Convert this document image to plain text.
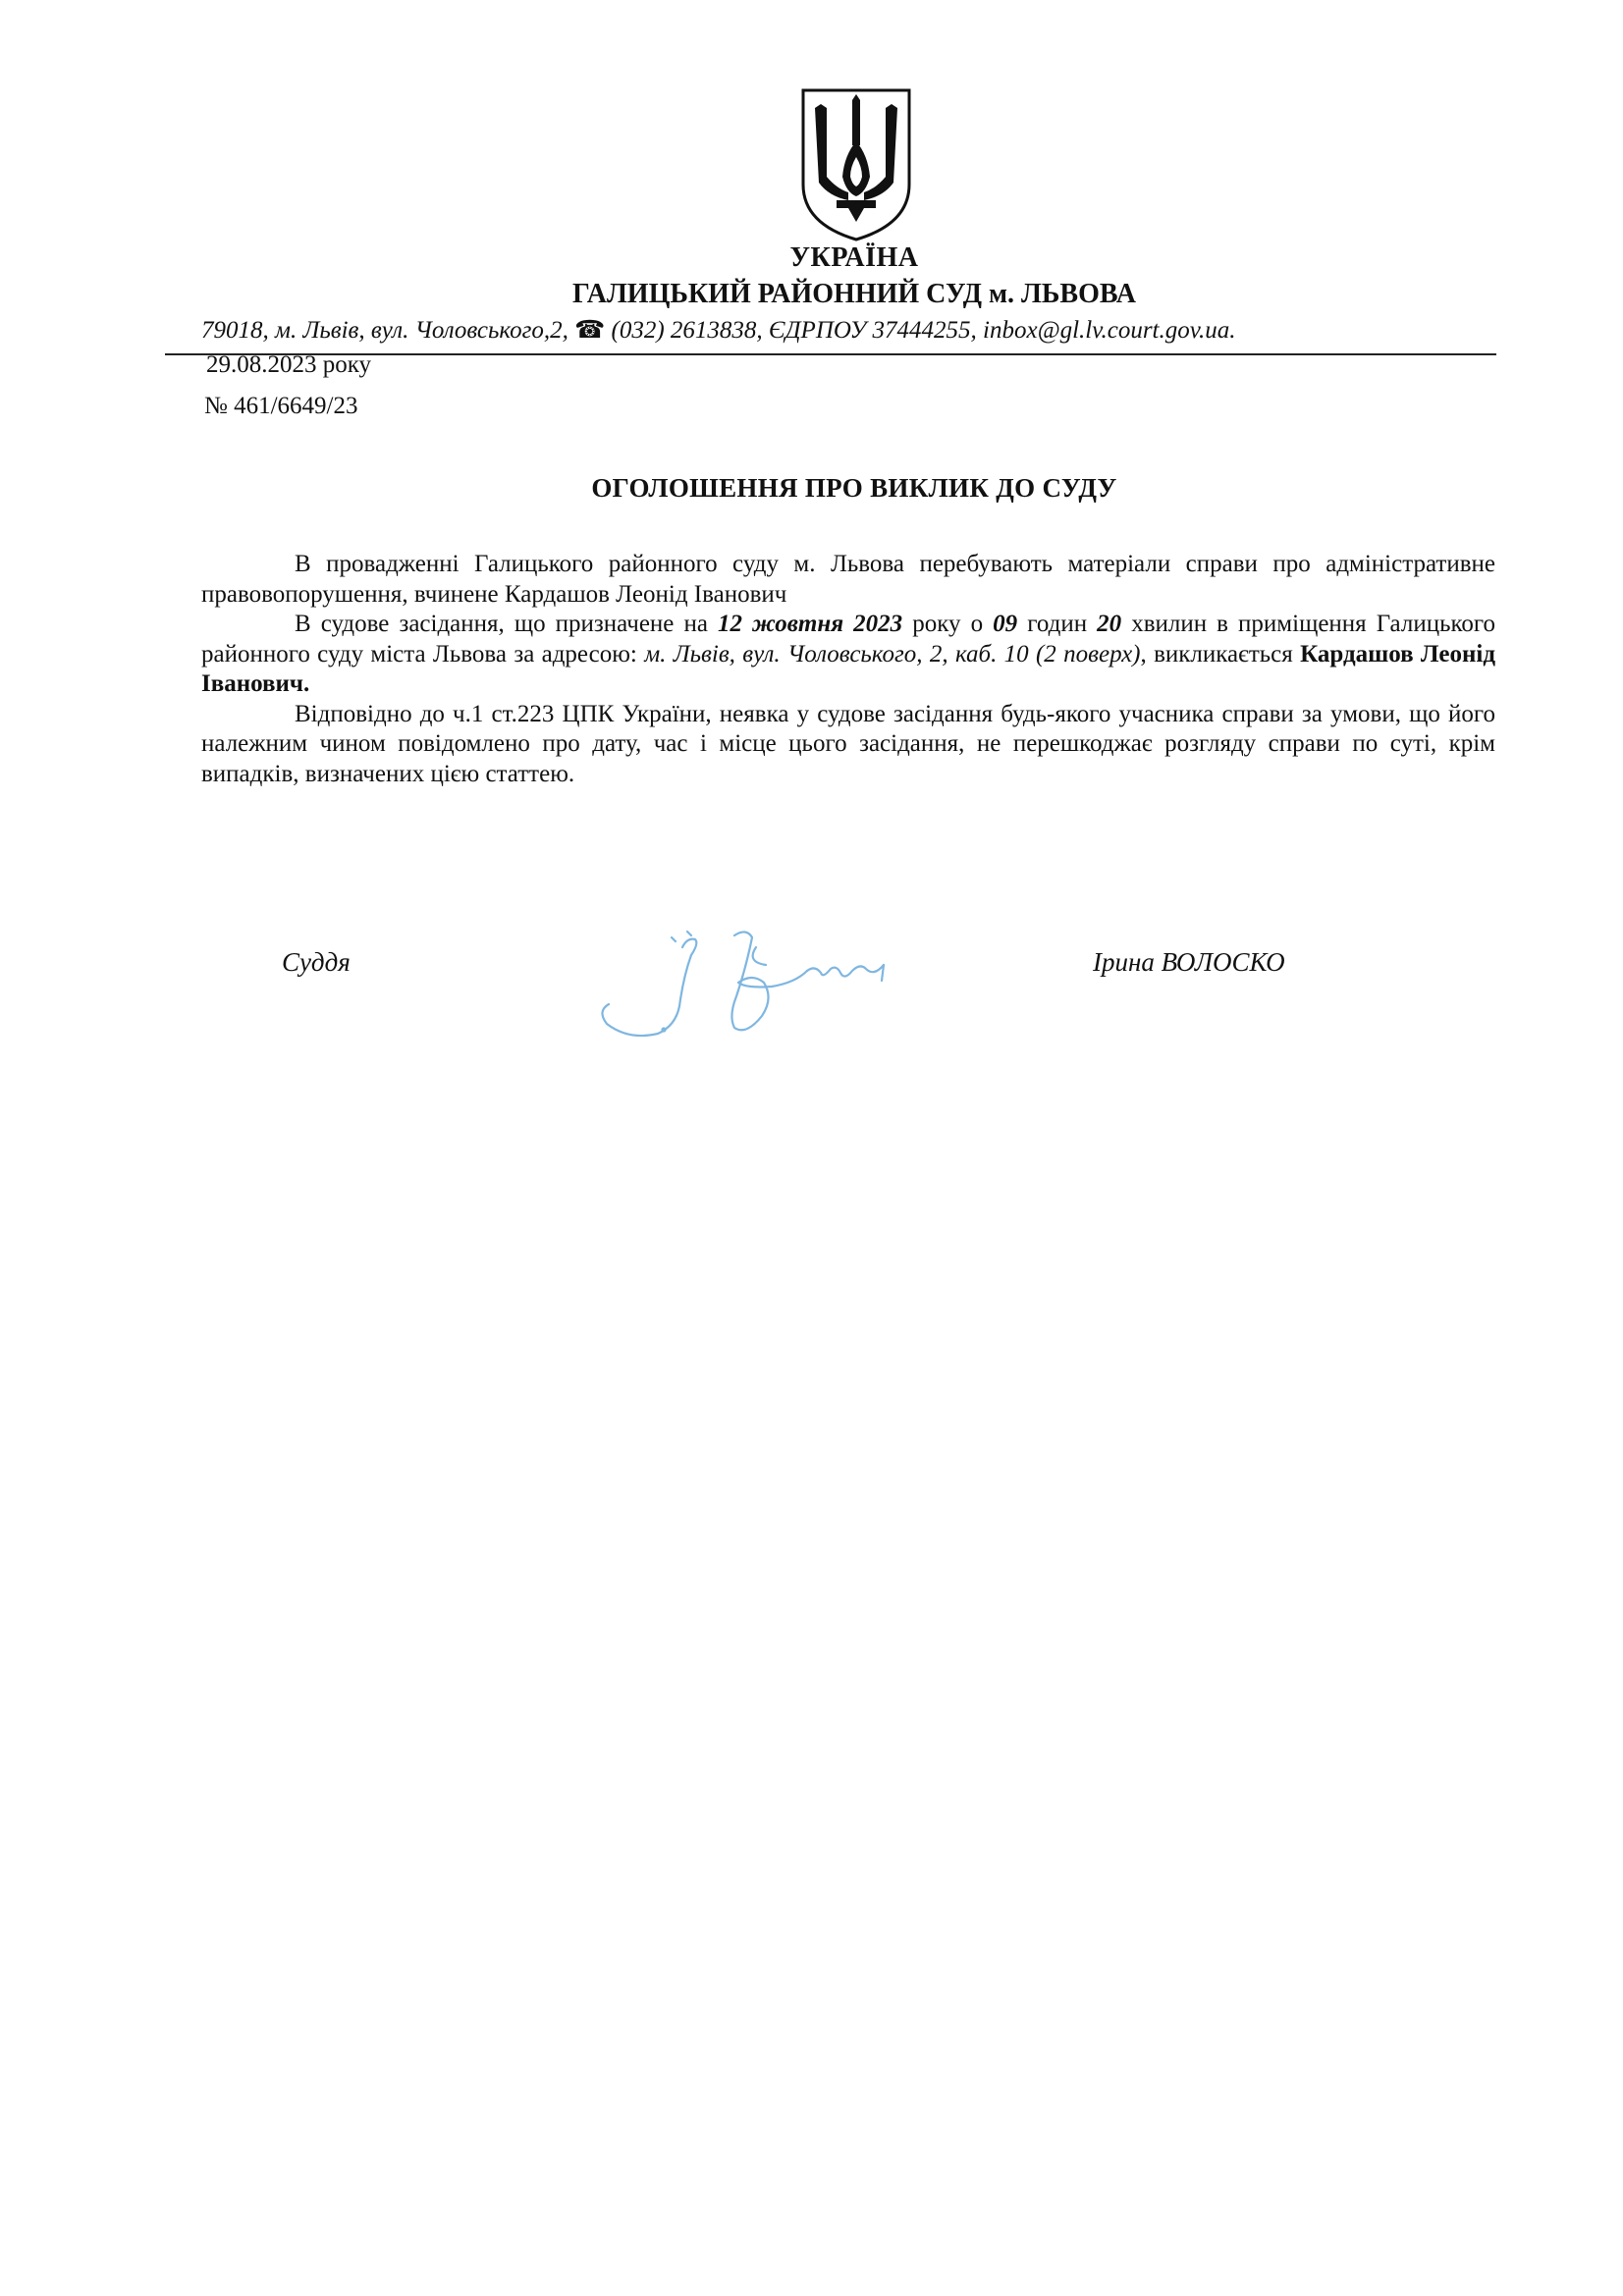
УКРАЇНА
ГАЛИЦЬКИЙ РАЙОННИЙ СУД м. ЛЬВОВА
79018, м. Львів, вул. Чоловського,2, ☎ (032) 2613838, ЄДРПОУ 37444255, inbox@gl.lv.court.gov.ua.
29.08.2023 року
№ 461/6649/23
ОГОЛОШЕННЯ ПРО ВИКЛИК ДО СУДУ

В провадженні Галицького районного суду м. Львова перебувають матеріали справи про адміністративне правовопорушення, вчинене Кардашов Леонід Іванович

В судове засідання, що призначене на 12 жовтня 2023 року о 09 годин 20 хвилин в приміщення Галицького районного суду міста Львова за адресою: м. Львів, вул. Чоловського, 2, каб. 10 (2 поверх), викликається Кардашов Леонід Іванович.

Відповідно до ч.1 ст.223 ЦПК України, неявка у судове засідання будь-якого учасника справи за умови, що його належним чином повідомлено про дату, час і місце цього засідання, не перешкоджає розгляду справи по суті, крім випадків, визначених цією статтею.

Суддя	Ірина ВОЛОСКО
